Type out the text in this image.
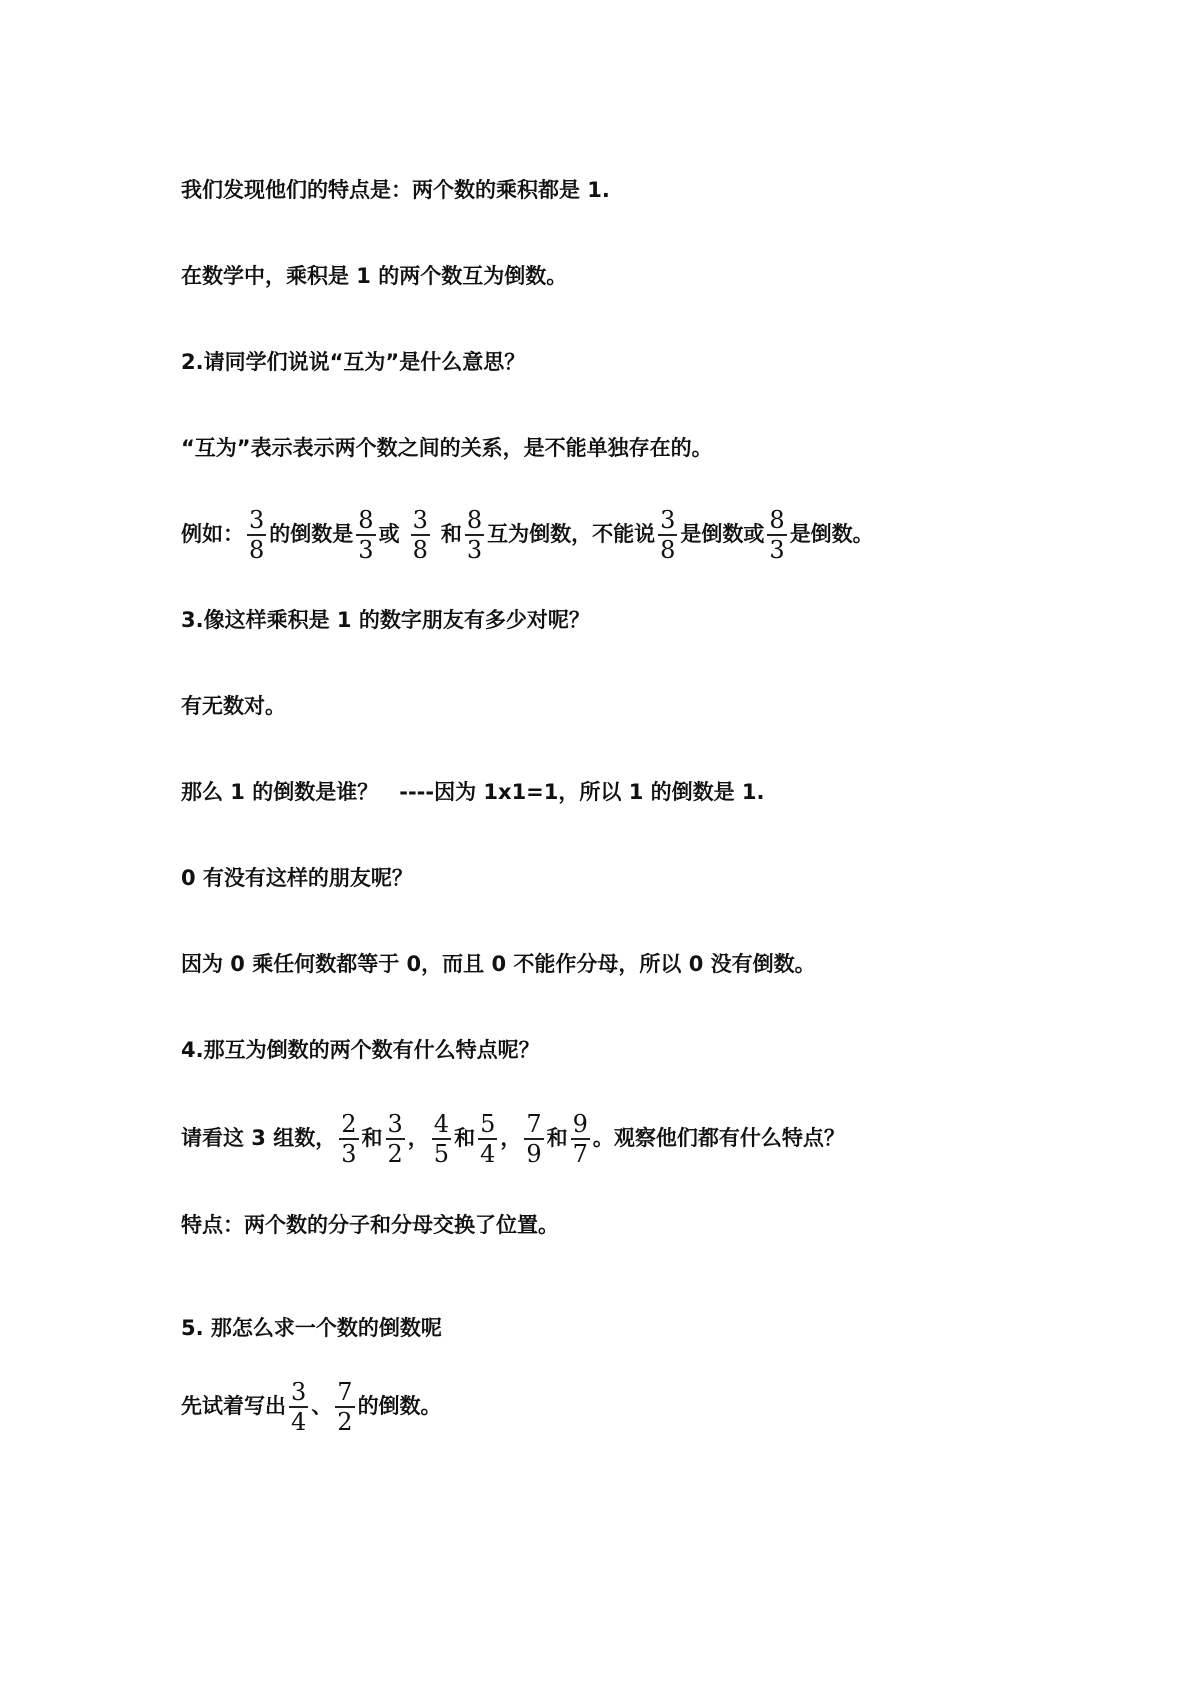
我们发现他们的特点是：两个数的乘积都是 1.
在数学中，乘积是 1 的两个数互为倒数。
2.请同学们说说“互为”是什么意思？
“互为”表示表示两个数之间的关系，是不能单独存在的。
例如： $\frac{3}{8}$ 的倒数是 $\frac{8}{3}$ 或 $\frac{3}{8}$ 和 $\frac{8}{3}$ 互为倒数，不能说 $\frac{3}{8}$ 是倒数或 $\frac{8}{3}$ 是倒数。
3.像这样乘积是 1 的数字朋友有多少对呢？
有无数对。
那么 1 的倒数是谁？　----因为 1x1=1，所以 1 的倒数是 1.
0 有没有这样的朋友呢？
因为 0 乘任何数都等于 0，而且 0 不能作分母，所以 0 没有倒数。
4.那互为倒数的两个数有什么特点呢？
请看这 3 组数， $\frac{2}{3}$ 和 $\frac{3}{2}$ ， $\frac{4}{5}$ 和 $\frac{5}{4}$ ， $\frac{7}{9}$ 和 $\frac{9}{7}$ 。观察他们都有什么特点？
特点：两个数的分子和分母交换了位置。
5. 那怎么求一个数的倒数呢
先试着写出 $\frac{3}{4}$ 、 $\frac{7}{2}$ 的倒数。
